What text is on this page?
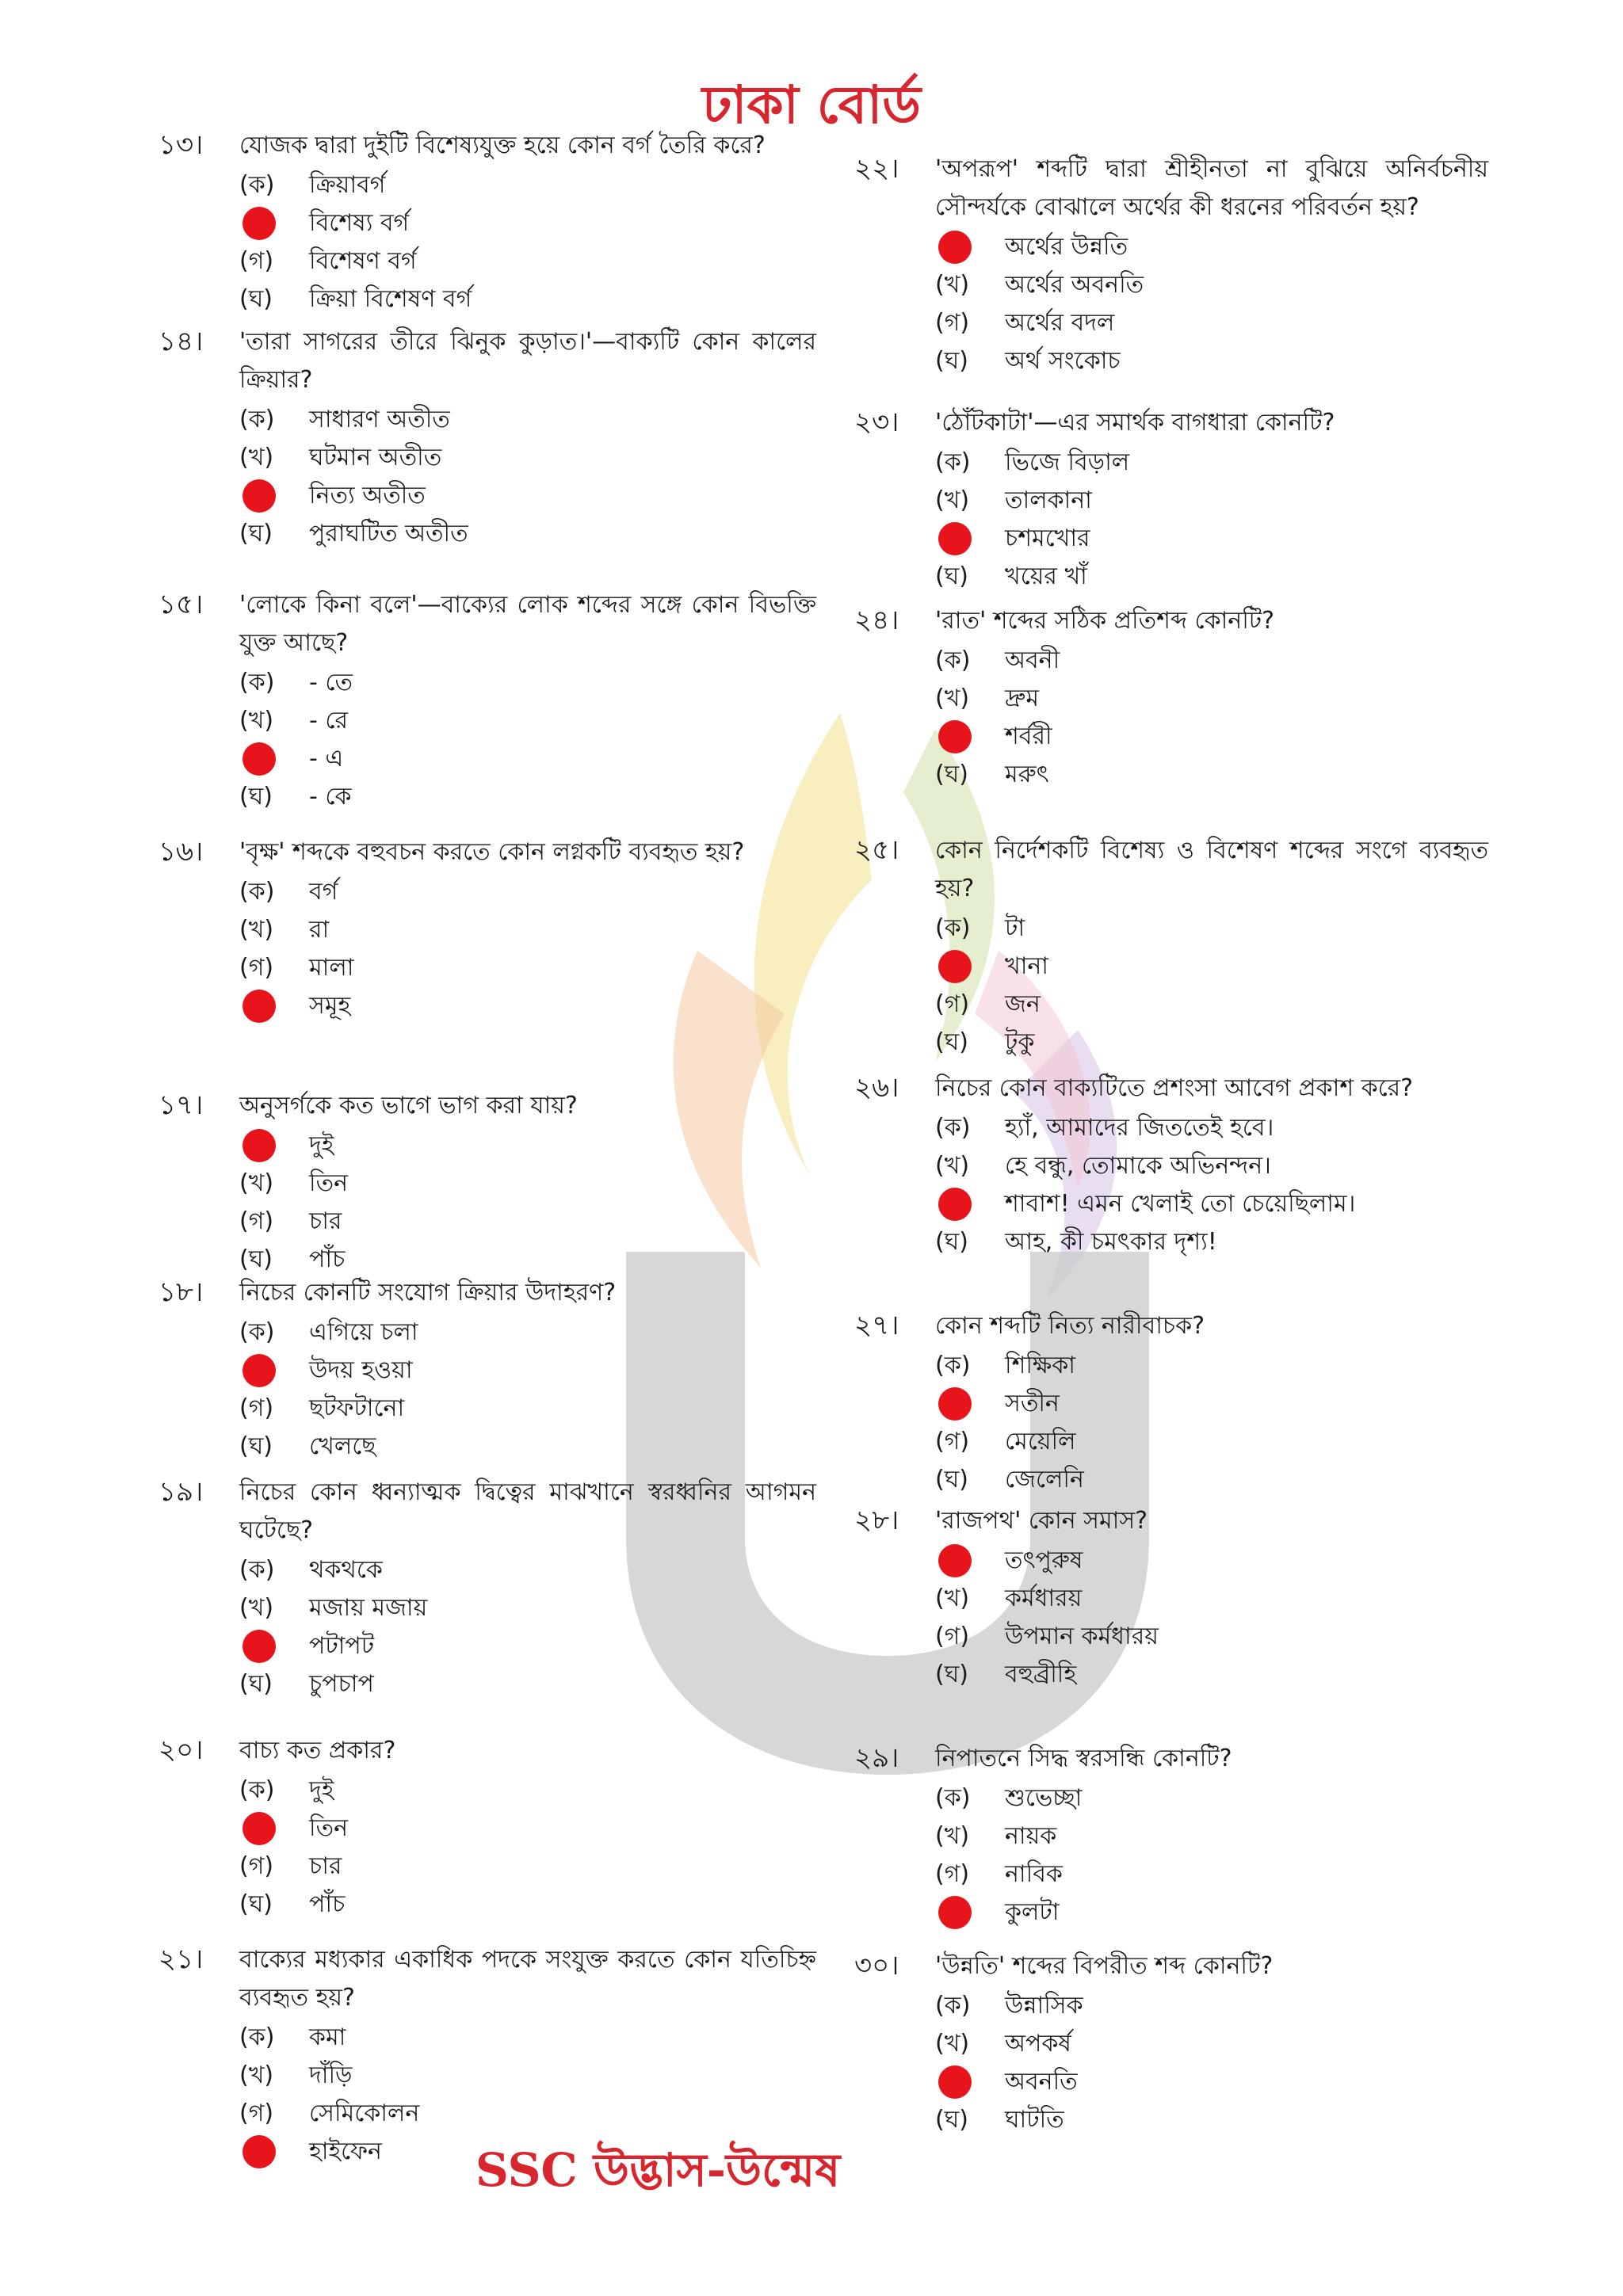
ঢাকা বোর্ড
১৩।	যোজক দ্বারা দুইটি বিশেষ্যযুক্ত হয়ে কোন বর্গ তৈরি করে?
(ক)	ক্রিয়াবর্গ
বিশেষ্য বর্গ
(গ)	বিশেষণ বর্গ
(ঘ)	ক্রিয়া বিশেষণ বর্গ
১৪।	'তারা সাগরের তীরে ঝিনুক কুড়াত।'—বাক্যটি কোন কালের ক্রিয়ার?
(ক)	সাধারণ অতীত
(খ)	ঘটমান অতীত
নিত্য অতীত
(ঘ)	পুরাঘটিত অতীত
১৫।	'লোকে কিনা বলে'—বাক্যের লোক শব্দের সঙ্গে কোন বিভক্তি যুক্ত আছে?
(ক)	- তে
(খ)	- রে
- এ
(ঘ)	- কে
১৬।	'বৃক্ষ' শব্দকে বহুবচন করতে কোন লগ্নকটি ব্যবহৃত হয়?
(ক)	বর্গ
(খ)	রা
(গ)	মালা
সমূহ
১৭।	অনুসর্গকে কত ভাগে ভাগ করা যায়?
দুই
(খ)	তিন
(গ)	চার
(ঘ)	পাঁচ
১৮।	নিচের কোনটি সংযোগ ক্রিয়ার উদাহরণ?
(ক)	এগিয়ে চলা
উদয় হওয়া
(গ)	ছটফটানো
(ঘ)	খেলছে
১৯।	নিচের কোন ধ্বন্যাত্মক দ্বিত্বের মাঝখানে স্বরধ্বনির আগমন ঘটেছে?
(ক)	থকথকে
(খ)	মজায় মজায়
পটাপট
(ঘ)	চুপচাপ
২০।	বাচ্য কত প্রকার?
(ক)	দুই
তিন
(গ)	চার
(ঘ)	পাঁচ
২১।	বাক্যের মধ্যকার একাধিক পদকে সংযুক্ত করতে কোন যতিচিহ্ন ব্যবহৃত হয়?
(ক)	কমা
(খ)	দাঁড়ি
(গ)	সেমিকোলন
হাইফেন
২২।	'অপরূপ' শব্দটি দ্বারা শ্রীহীনতা না বুঝিয়ে অনির্বচনীয় সৌন্দর্যকে বোঝালে অর্থের কী ধরনের পরিবর্তন হয়?
অর্থের উন্নতি
(খ)	অর্থের অবনতি
(গ)	অর্থের বদল
(ঘ)	অর্থ সংকোচ
২৩।	'ঠোঁটকাটা'—এর সমার্থক বাগধারা কোনটি?
(ক)	ভিজে বিড়াল
(খ)	তালকানা
চশমখোর
(ঘ)	খয়ের খাঁ
২৪।	'রাত' শব্দের সঠিক প্রতিশব্দ কোনটি?
(ক)	অবনী
(খ)	দ্রুম
শর্বরী
(ঘ)	মরুৎ
২৫।	কোন নির্দেশকটি বিশেষ্য ও বিশেষণ শব্দের সংগে ব্যবহৃত হয়?
(ক)	টা
খানা
(গ)	জন
(ঘ)	টুকু
২৬।	নিচের কোন বাক্যটিতে প্রশংসা আবেগ প্রকাশ করে?
(ক)	হ্যাঁ, আমাদের জিততেই হবে।
(খ)	হে বন্ধু, তোমাকে অভিনন্দন।
শাবাশ! এমন খেলাই তো চেয়েছিলাম।
(ঘ)	আহ, কী চমৎকার দৃশ্য!
২৭।	কোন শব্দটি নিত্য নারীবাচক?
(ক)	শিক্ষিকা
সতীন
(গ)	মেয়েলি
(ঘ)	জেলেনি
২৮।	'রাজপথ' কোন সমাস?
তৎপুরুষ
(খ)	কর্মধারয়
(গ)	উপমান কর্মধারয়
(ঘ)	বহুব্রীহি
২৯।	নিপাতনে সিদ্ধ স্বরসন্ধি কোনটি?
(ক)	শুভেচ্ছা
(খ)	নায়ক
(গ)	নাবিক
কুলটা
৩০।	'উন্নতি' শব্দের বিপরীত শব্দ কোনটি?
(ক)	উন্নাসিক
(খ)	অপকর্ষ
অবনতি
(ঘ)	ঘাটতি
SSC উদ্ভাস-উন্মেষ
